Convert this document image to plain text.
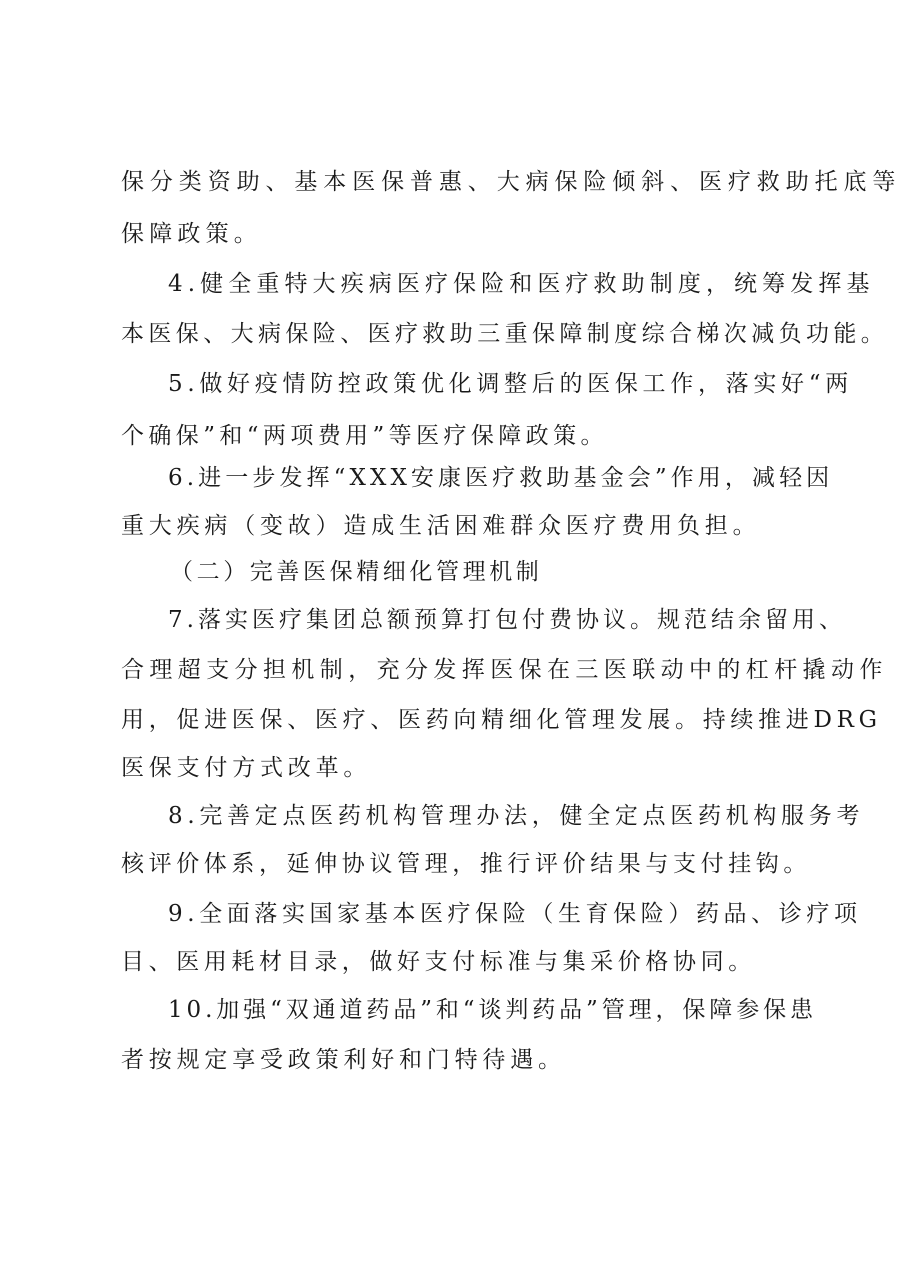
保分类资助、基本医保普惠、大病保险倾斜、医疗救助托底等
保障政策。
4.健全重特大疾病医疗保险和医疗救助制度，统筹发挥基
本医保、大病保险、医疗救助三重保障制度综合梯次减负功能。
5.做好疫情防控政策优化调整后的医保工作，落实好“两
个确保”和“两项费用”等医疗保障政策。
6.进一步发挥“XXX安康医疗救助基金会”作用，减轻因
重大疾病（变故）造成生活困难群众医疗费用负担。
（二）完善医保精细化管理机制
7.落实医疗集团总额预算打包付费协议。规范结余留用、
合理超支分担机制，充分发挥医保在三医联动中的杠杆撬动作
用，促进医保、医疗、医药向精细化管理发展。持续推进DRG
医保支付方式改革。
8.完善定点医药机构管理办法，健全定点医药机构服务考
核评价体系，延伸协议管理，推行评价结果与支付挂钩。
9.全面落实国家基本医疗保险（生育保险）药品、诊疗项
目、医用耗材目录，做好支付标准与集采价格协同。
10.加强“双通道药品”和“谈判药品”管理，保障参保患
者按规定享受政策利好和门特待遇。
